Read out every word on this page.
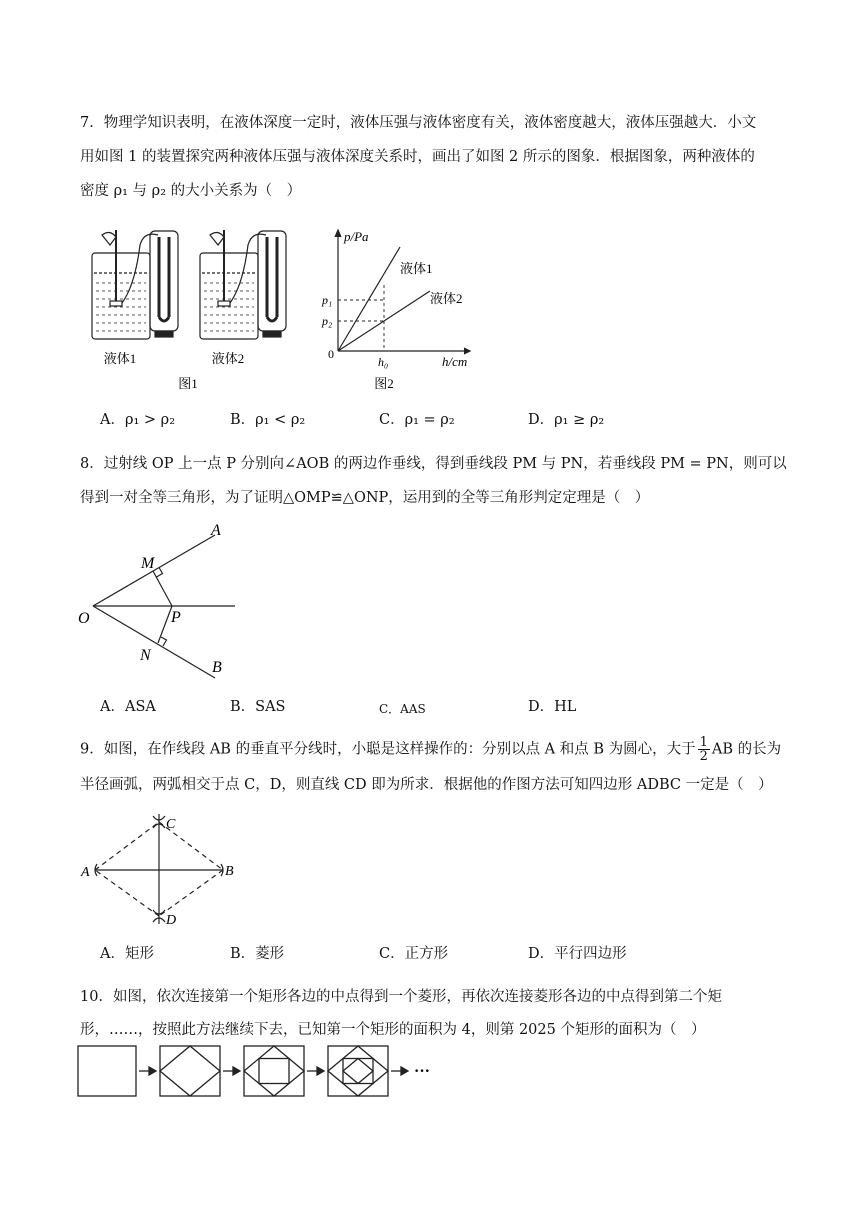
7．物理学知识表明，在液体深度一定时，液体压强与液体密度有关，液体密度越大，液体压强越大．小文
用如图 1 的装置探究两种液体压强与液体深度关系时，画出了如图 2 所示的图象．根据图象，两种液体的
密度 ρ₁ 与 ρ₂ 的大小关系为（　）
液体1	液体2
图1
p/Pa
h/cm
0
p₁
p₂
h₀
液体1
液体2
图2
A．ρ₁ > ρ₂	B．ρ₁ < ρ₂	C．ρ₁ = ρ₂	D．ρ₁ ≥ ρ₂
8．过射线 OP 上一点 P 分别向∠AOB 的两边作垂线，得到垂线段 PM 与 PN，若垂线段 PM = PN，则可以
得到一对全等三角形，为了证明△OMP≌△ONP，运用到的全等三角形判定定理是（　）
A
M
O	P
N
B
A．ASA	B．SAS	C．AAS	D．HL
9．如图，在作线段 AB 的垂直平分线时，小聪是这样操作的：分别以点 A 和点 B 为圆心，大于 $\frac{1}{2}$ AB 的长为
半径画弧，两弧相交于点 C，D，则直线 CD 即为所求．根据他的作图方法可知四边形 ADBC 一定是（　）
C
A	B
D
A．矩形	B．菱形	C．正方形	D．平行四边形
10．如图，依次连接第一个矩形各边的中点得到一个菱形，再依次连接菱形各边的中点得到第二个矩
形，……，按照此方法继续下去，已知第一个矩形的面积为 4，则第 2025 个矩形的面积为（　）
···
